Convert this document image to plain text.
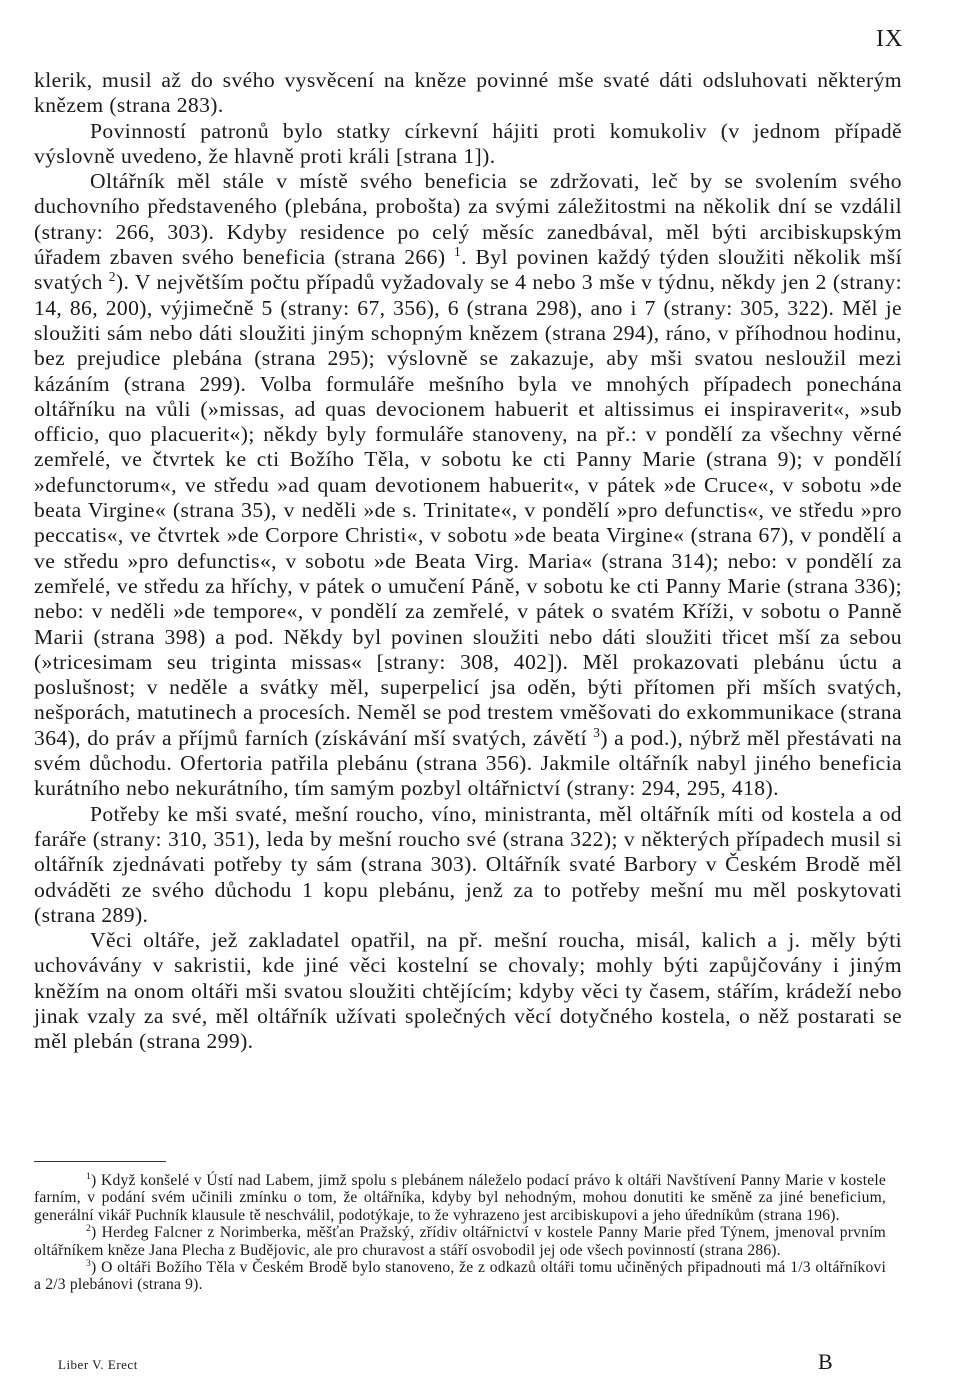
IX

klerik, musil až do svého vysvěcení na kněze povinné mše svaté dáti odsluhovati některým knězem (strana 283).

Povinností patronů bylo statky církevní hájiti proti komukoliv (v jednom případě výslovně uvedeno, že hlavně proti králi [strana 1]).

Oltářník měl stále v místě svého beneficia se zdržovati, leč by se svolením svého duchovního představeného (plebána, probošta) za svými záležitostmi na několik dní se vzdálil (strany: 266, 303). Kdyby residence po celý měsíc zanedbával, měl býti arcibiskupským úřadem zbaven svého beneficia (strana 266) $^1$. Byl povinen každý týden sloužiti několik mší svatých $^2$). V největším počtu případů vyžadovaly se 4 nebo 3 mše v týdnu, někdy jen 2 (strany: 14, 86, 200), výjimečně 5 (strany: 67, 356), 6 (strana 298), ano i 7 (strany: 305, 322). Měl je sloužiti sám nebo dáti sloužiti jiným schopným knězem (strana 294), ráno, v příhodnou hodinu, bez prejudice plebána (strana 295); výslovně se zakazuje, aby mši svatou nesloužil mezi kázáním (strana 299). Volba formuláře mešního byla ve mnohých případech ponechána oltářníku na vůli (»missas, ad quas devocionem habuerit et altissimus ei inspiraverit«, »sub officio, quo placuerit«); někdy byly formuláře stanoveny, na př.: v pondělí za všechny věrné zemřelé, ve čtvrtek ke cti Božího Těla, v sobotu ke cti Panny Marie (strana 9); v pondělí »defunctorum«, ve středu »ad quam devotionem habuerit«, v pátek »de Cruce«, v sobotu »de beata Virgine« (strana 35), v neděli »de s. Trinitate«, v pondělí »pro defunctis«, ve středu »pro peccatis«, ve čtvrtek »de Corpore Christi«, v sobotu »de beata Virgine« (strana 67), v pondělí a ve středu »pro defunctis«, v sobotu »de Beata Virg. Maria« (strana 314); nebo: v pondělí za zemřelé, ve středu za hříchy, v pátek o umučení Páně, v sobotu ke cti Panny Marie (strana 336); nebo: v neděli »de tempore«, v pondělí za zemřelé, v pátek o svatém Kříži, v sobotu o Panně Marii (strana 398) a pod. Někdy byl povinen sloužiti nebo dáti sloužiti třicet mší za sebou (»tricesimam seu triginta missas« [strany: 308, 402]). Měl prokazovati plebánu úctu a poslušnost; v neděle a svátky měl, superpelicí jsa oděn, býti přítomen při mších svatých, nešporách, matutinech a procesích. Neměl se pod trestem vměšovati do exkommunikace (strana 364), do práv a příjmů farních (získávání mší svatých, závětí $^3$) a pod.), nýbrž měl přestávati na svém důchodu. Ofertoria patřila plebánu (strana 356). Jakmile oltářník nabyl jiného beneficia kurátního nebo nekurátního, tím samým pozbyl oltářnictví (strany: 294, 295, 418).

Potřeby ke mši svaté, mešní roucho, víno, ministranta, měl oltářník míti od kostela a od faráře (strany: 310, 351), leda by mešní roucho své (strana 322); v některých případech musil si oltářník zjednávati potřeby ty sám (strana 303). Oltářník svaté Barbory v Českém Brodě měl odváděti ze svého důchodu 1 kopu plebánu, jenž za to potřeby mešní mu měl poskytovati (strana 289).

Věci oltáře, jež zakladatel opatřil, na př. mešní roucha, misál, kalich a j. měly býti uchovávány v sakristii, kde jiné věci kostelní se chovaly; mohly býti zapůjčovány i jiným kněžím na onom oltáři mši svatou sloužiti chtějícím; kdyby věci ty časem, stářím, krádeží nebo jinak vzaly za své, měl oltářník užívati společných věcí dotyčného kostela, o něž postarati se měl plebán (strana 299).

$^1$) Když konšelé v Ústí nad Labem, jimž spolu s plebánem náleželo podací právo k oltáři Navštívení Panny Marie v kostele farním, v podání svém učinili zmínku o tom, že oltářníka, kdyby byl nehodným, mohou donutiti ke směně za jiné beneficium, generální vikář Puchník klausule tě neschválil, podotýkaje, to že vyhrazeno jest arcibiskupovi a jeho úředníkům (strana 196).

$^2$) Herdeg Falcner z Norimberka, měšťan Pražský, zřídiv oltářnictví v kostele Panny Marie před Týnem, jmenoval prvním oltářníkem kněze Jana Plecha z Budějovic, ale pro churavost a stáří osvobodil jej ode všech povinností (strana 286).

$^3$) O oltáři Božího Těla v Českém Brodě bylo stanoveno, že z odkazů oltáři tomu učiněných připadnouti má 1/3 oltářníkovi a 2/3 plebánovi (strana 9).

Liber V. Erect	B
